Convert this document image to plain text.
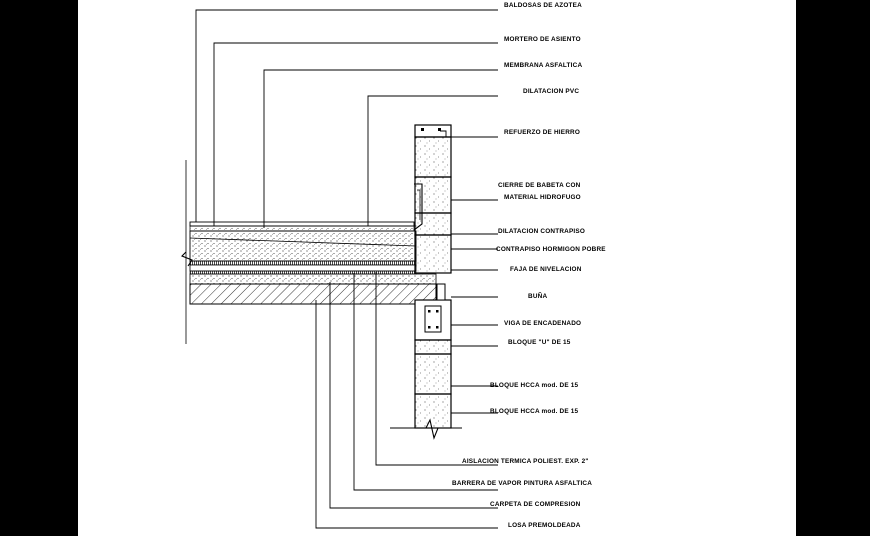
BALDOSAS DE AZOTEA
MORTERO DE ASIENTO
MEMBRANA ASFALTICA
DILATACION PVC
REFUERZO DE HIERRO
CIERRE DE BABETA CON
MATERIAL HIDROFUGO
DILATACION CONTRAPISO
CONTRAPISO HORMIGON POBRE
FAJA DE NIVELACION
BUÑA
VIGA DE ENCADENADO
BLOQUE "U" DE 15
BLOQUE HCCA mod. DE 15
BLOQUE HCCA mod. DE 15
AISLACION TERMICA POLIEST. EXP. 2"
BARRERA DE VAPOR PINTURA ASFALTICA
CARPETA DE COMPRESION
LOSA PREMOLDEADA
